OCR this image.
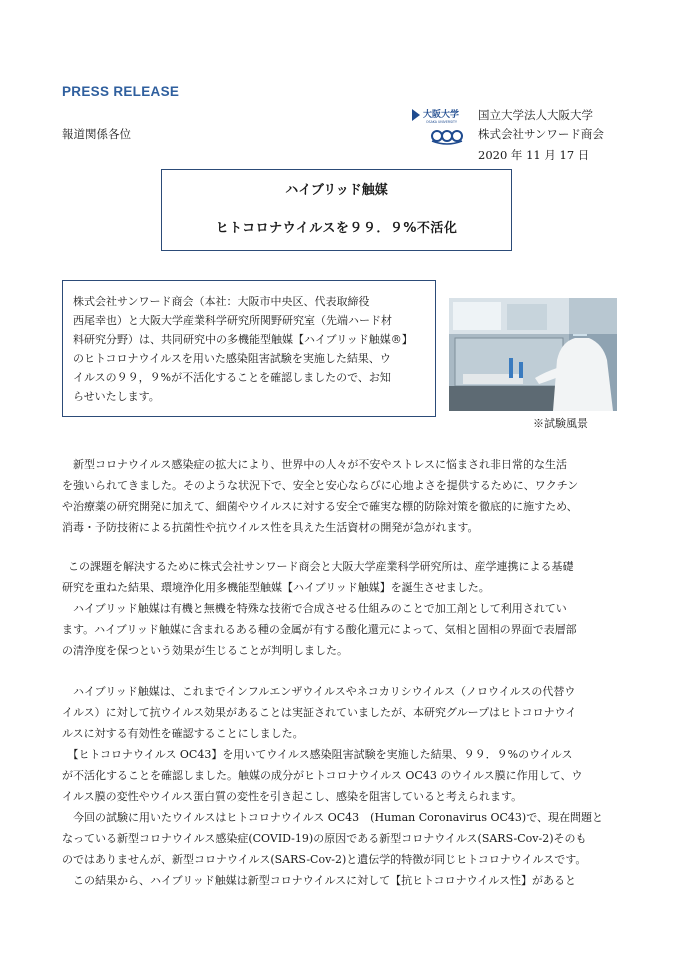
PRESS RELEASE
報道関係各位
大阪大学
OSAKA UNIVERSITY 国立大学法人大阪大学
株式会社サンワード商会
2020 年 11 月 17 日
ハイブリッド触媒
ヒトコロナウイルスを９９．９%不活化
株式会社サンワード商会（本社：大阪市中央区、代表取締役
西尾幸也）と大阪大学産業科学研究所関野研究室（先端ハード材
料研究分野）は、共同研究中の多機能型触媒【ハイブリッド触媒®】
のヒトコロナウイルスを用いた感染阻害試験を実施した結果、ウ
イルスの９９，９%が不活化することを確認しましたので、お知
らせいたします。
※試験風景
　新型コロナウイルス感染症の拡大により、世界中の人々が不安やストレスに悩まされ非日常的な生活
を強いられてきました。そのような状況下で、安全と安心ならびに心地よさを提供するために、ワクチン
や治療薬の研究開発に加えて、細菌やウイルスに対する安全で確実な標的防除対策を徹底的に施すため、
消毒・予防技術による抗菌性や抗ウイルス性を具えた生活資材の開発が急がれます。
この課題を解決するために株式会社サンワード商会と大阪大学産業科学研究所は、産学連携による基礎
研究を重ねた結果、環境浄化用多機能型触媒【ハイブリッド触媒】を誕生させました。
　ハイブリッド触媒は有機と無機を特殊な技術で合成させる仕組みのことで加工剤として利用されてい
ます。ハイブリッド触媒に含まれるある種の金属が有する酸化還元によって、気相と固相の界面で表層部
の清浄度を保つという効果が生じることが判明しました。
　ハイブリッド触媒は、これまでインフルエンザウイルスやネコカリシウイルス（ノロウイルスの代替ウ
イルス）に対して抗ウイルス効果があることは実証されていましたが、本研究グループはヒトコロナウイ
ルスに対する有効性を確認することにしました。
　【ヒトコロナウイルス OC43】を用いてウイルス感染阻害試験を実施した結果、９９．９%のウイルス
が不活化することを確認しました。触媒の成分がヒトコロナウイルス OC43 のウイルス膜に作用して、ウ
イルス膜の変性やウイルス蛋白質の変性を引き起こし、感染を阻害していると考えられます。
　今回の試験に用いたウイルスはヒトコロナウイルス OC43　(Human Coronavirus OC43)で、現在問題と
なっている新型コロナウイルス感染症(COVID-19)の原因である新型コロナウイルス(SARS-Cov-2)そのも
のではありませんが、新型コロナウイルス(SARS-Cov-2)と遺伝学的特徴が同じヒトコロナウイルスです。
　この結果から、ハイブリッド触媒は新型コロナウイルスに対して【抗ヒトコロナウイルス性】があると
